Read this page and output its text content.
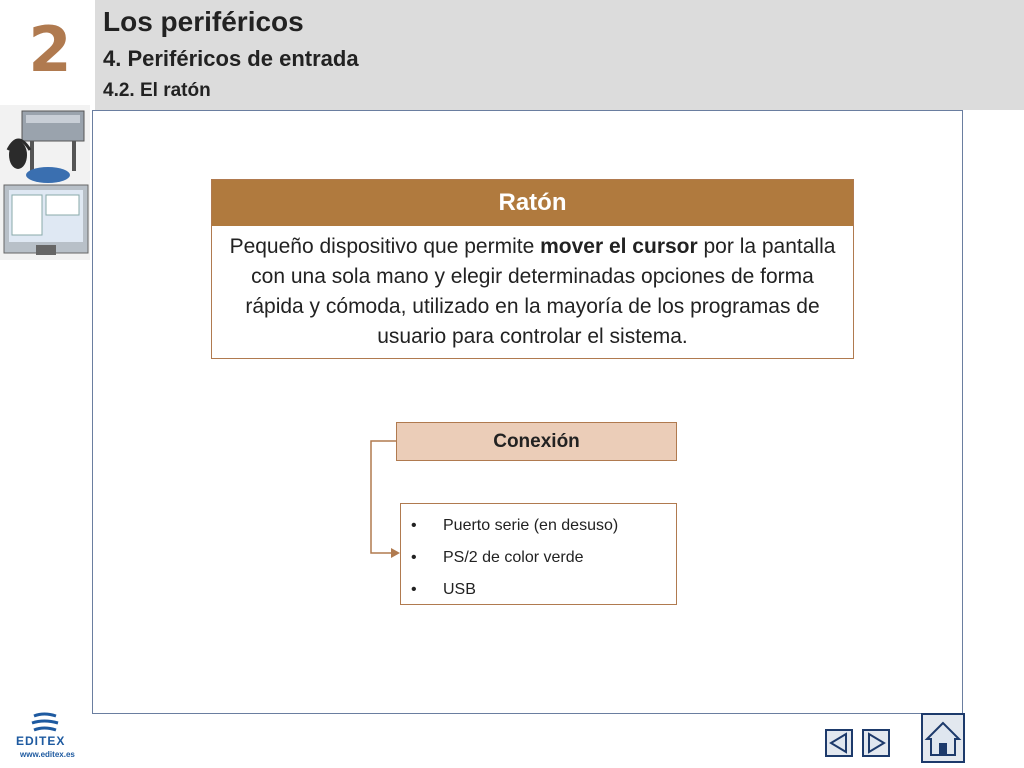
2 Los periféricos
4. Periféricos de entrada
4.2. El ratón
Ratón
Pequeño dispositivo que permite mover el cursor por la pantalla con una sola mano y elegir determinadas opciones de forma rápida y cómoda, utilizado en la mayoría de los programas de usuario para controlar el sistema.
Conexión
• Puerto serie (en desuso)
• PS/2 de color verde
• USB
EDITEX
www.editex.es
